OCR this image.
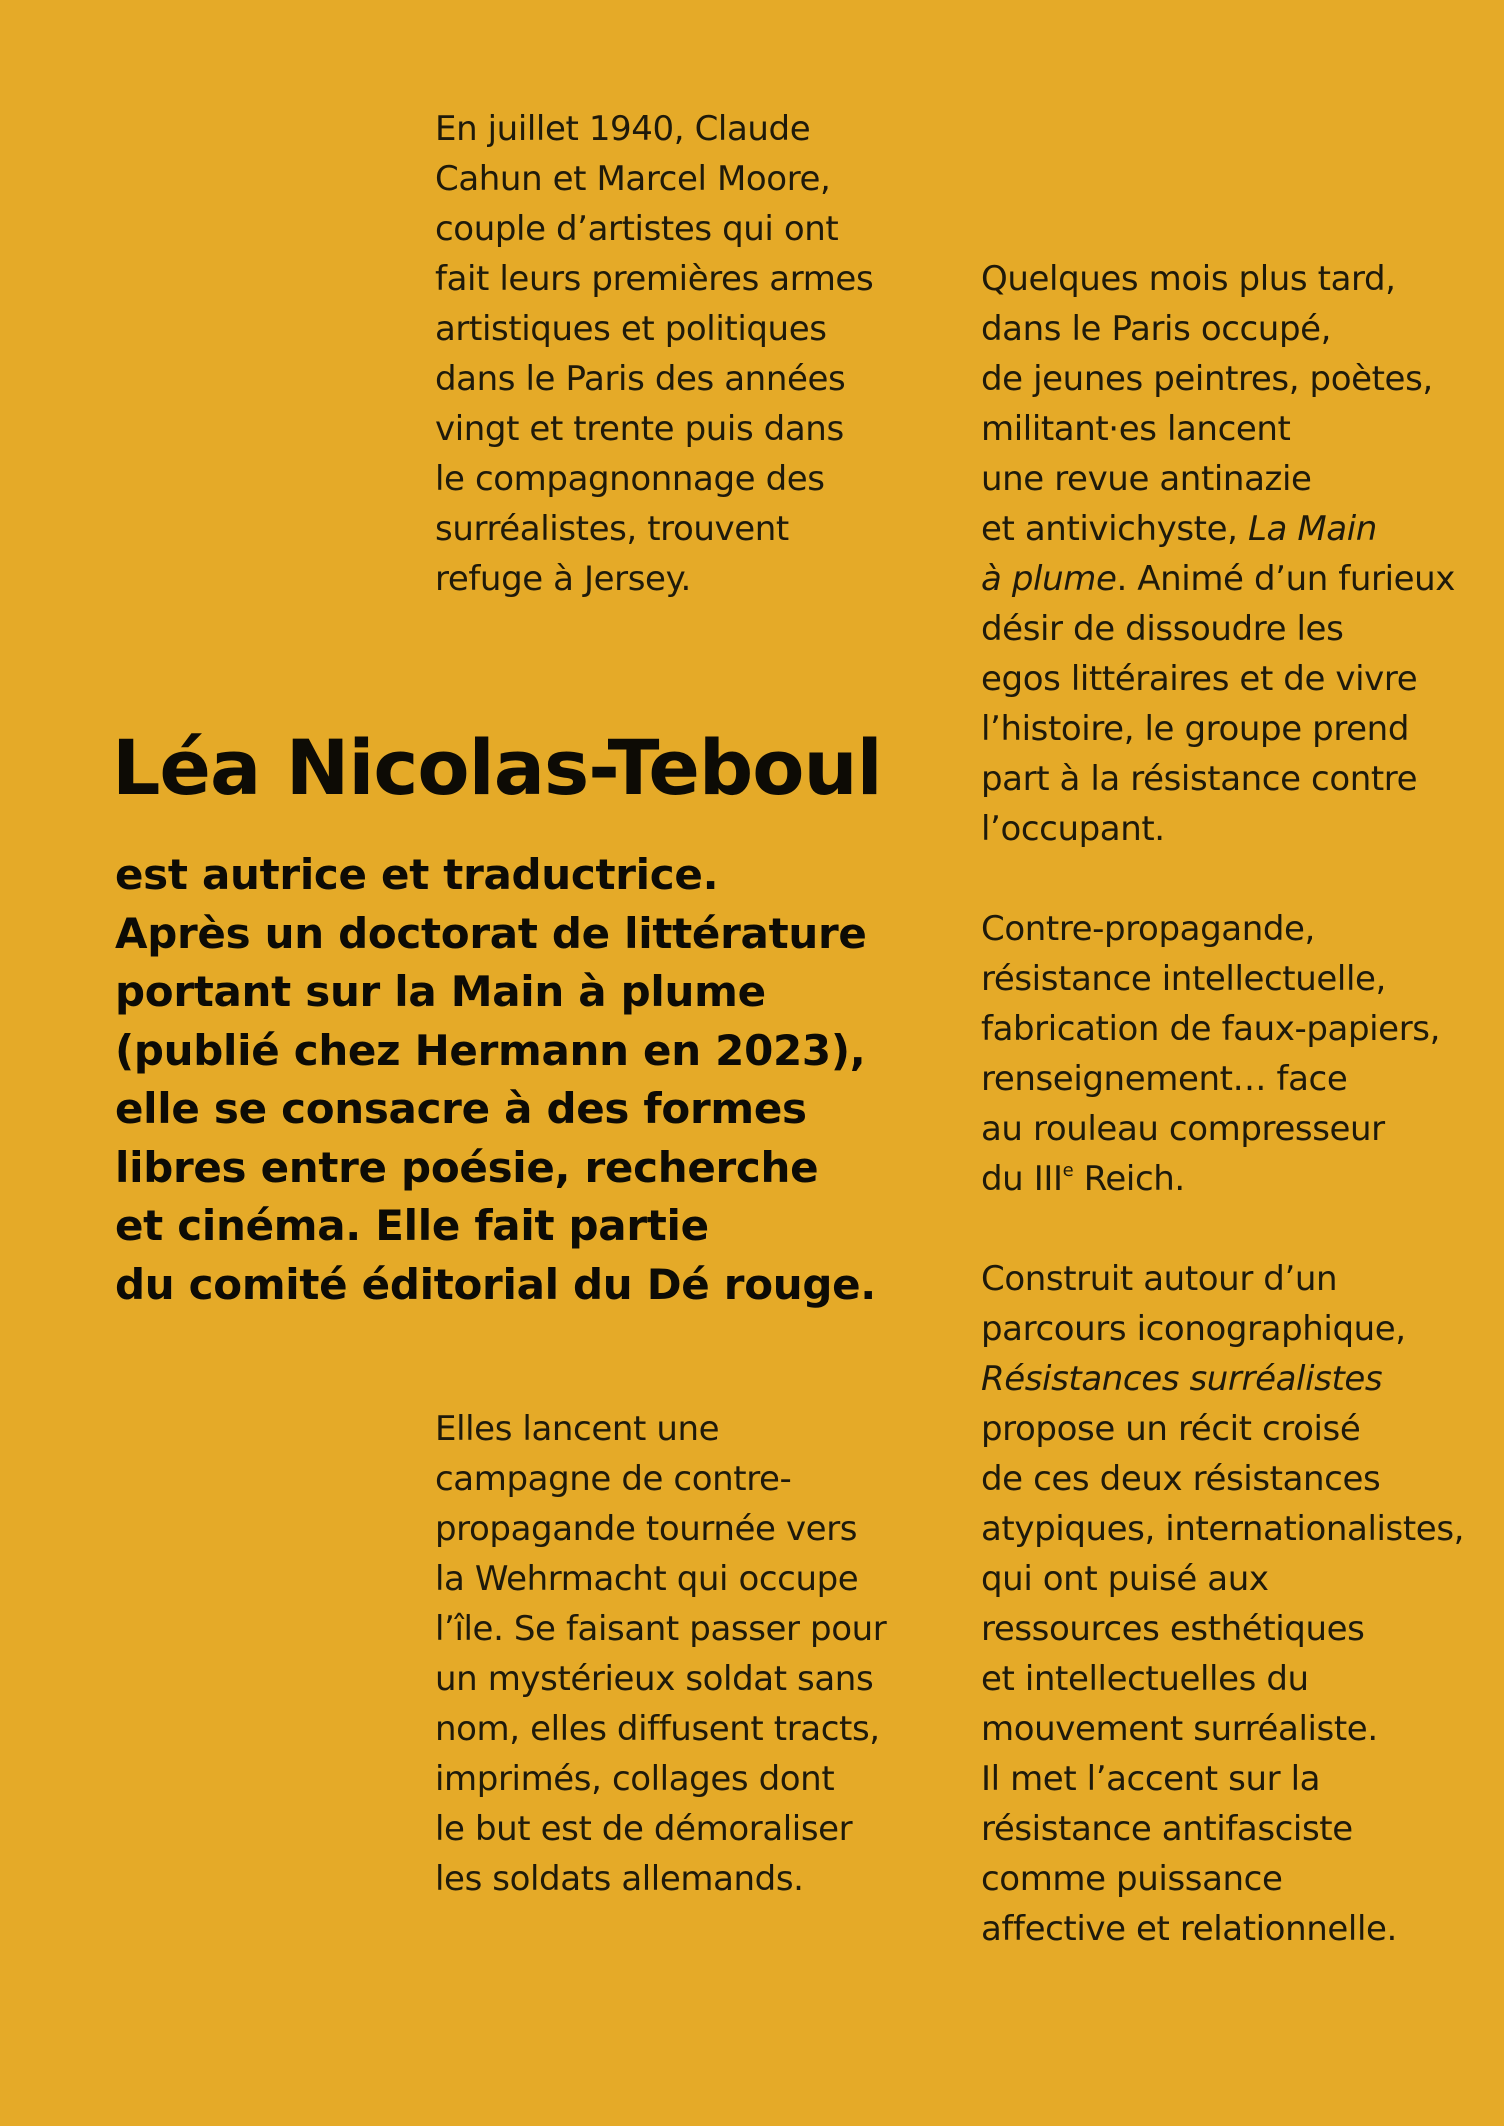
En juillet 1940, Claude
Cahun et Marcel Moore,
couple d’artistes qui ont
fait leurs premières armes
artistiques et politiques
dans le Paris des années
vingt et trente puis dans
le compagnonnage des
surréalistes, trouvent
refuge à Jersey.
Léa Nicolas-Teboul
est autrice et traductrice.
Après un doctorat de littérature
portant sur la Main à plume
(publié chez Hermann en 2023),
elle se consacre à des formes
libres entre poésie, recherche
et cinéma. Elle fait partie
du comité éditorial du Dé rouge.
Elles lancent une
campagne de contre-
propagande tournée vers
la Wehrmacht qui occupe
l’île. Se faisant passer pour
un mystérieux soldat sans
nom, elles diffusent tracts,
imprimés, collages dont
le but est de démoraliser
les soldats allemands.
Quelques mois plus tard,
dans le Paris occupé,
de jeunes peintres, poètes,
militant·es lancent
une revue antinazie
et antivichyste, La Main
à plume. Animé d’un furieux
désir de dissoudre les
egos littéraires et de vivre
l’histoire, le groupe prend
part à la résistance contre
l’occupant.
Contre-propagande,
résistance intellectuelle,
fabrication de faux-papiers,
renseignement… face
au rouleau compresseur
du IIIe Reich.
Construit autour d’un
parcours iconographique,
Résistances surréalistes
propose un récit croisé
de ces deux résistances
atypiques, internationalistes,
qui ont puisé aux
ressources esthétiques
et intellectuelles du
mouvement surréaliste.
Il met l’accent sur la
résistance antifasciste
comme puissance
affective et relationnelle.
